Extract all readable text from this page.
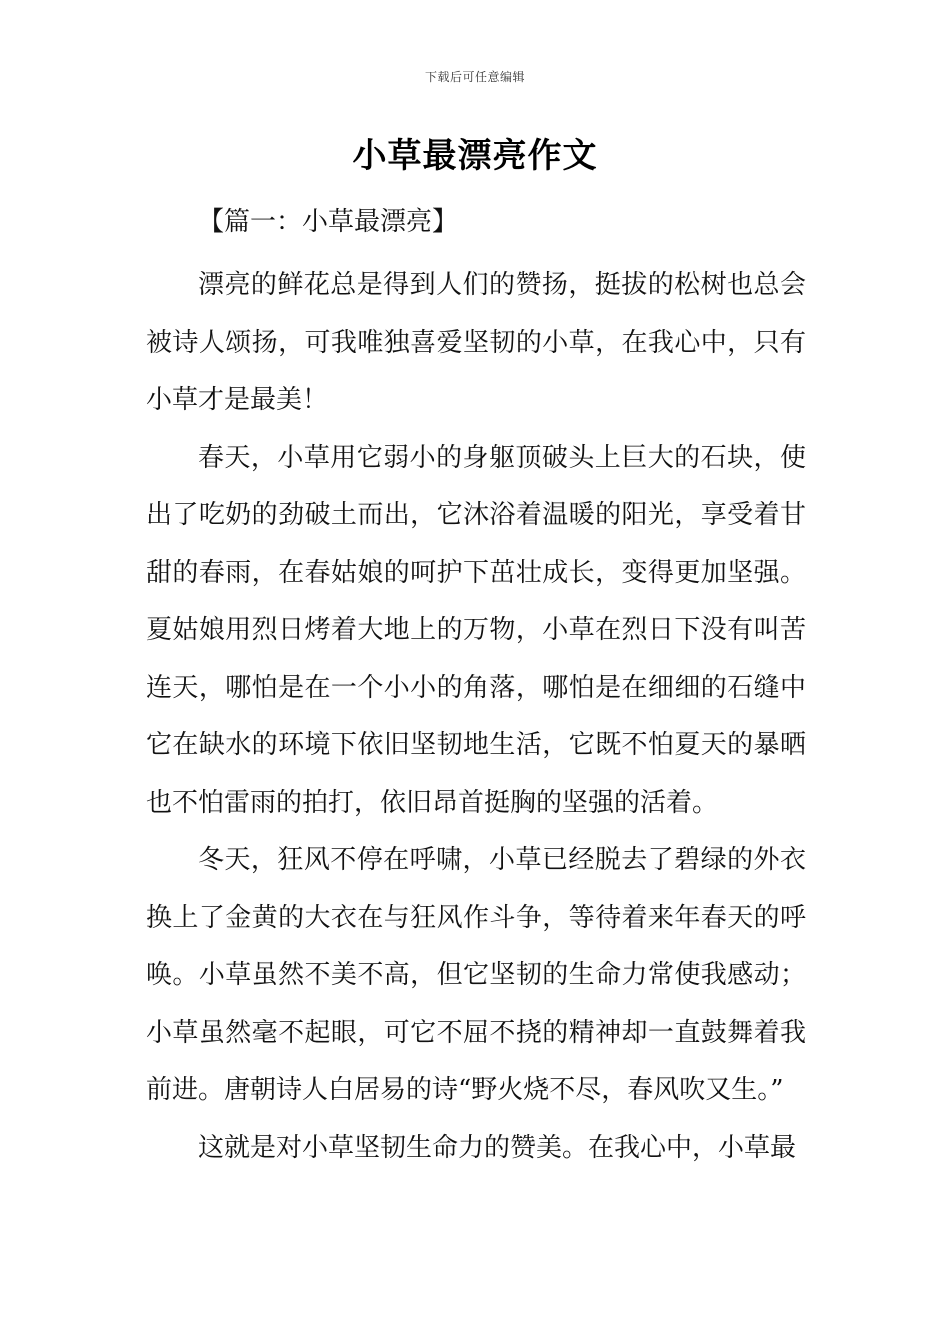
下载后可任意编辑
小草最漂亮作文
【篇一：小草最漂亮】

漂亮的鲜花总是得到人们的赞扬，挺拔的松树也总会被诗人颂扬，可我唯独喜爱坚韧的小草，在我心中，只有小草才是最美！

春天，小草用它弱小的身躯顶破头上巨大的石块，使出了吃奶的劲破土而出，它沐浴着温暖的阳光，享受着甘甜的春雨，在春姑娘的呵护下茁壮成长，变得更加坚强。夏姑娘用烈日烤着大地上的万物，小草在烈日下没有叫苦连天，哪怕是在一个小小的角落，哪怕是在细细的石缝中它在缺水的环境下依旧坚韧地生活，它既不怕夏天的暴晒也不怕雷雨的拍打，依旧昂首挺胸的坚强的活着。

冬天，狂风不停在呼啸，小草已经脱去了碧绿的外衣换上了金黄的大衣在与狂风作斗争，等待着来年春天的呼唤。小草虽然不美不高，但它坚韧的生命力常使我感动；小草虽然毫不起眼，可它不屈不挠的精神却一直鼓舞着我前进。唐朝诗人白居易的诗“野火烧不尽，春风吹又生。”

这就是对小草坚韧生命力的赞美。在我心中，小草最
